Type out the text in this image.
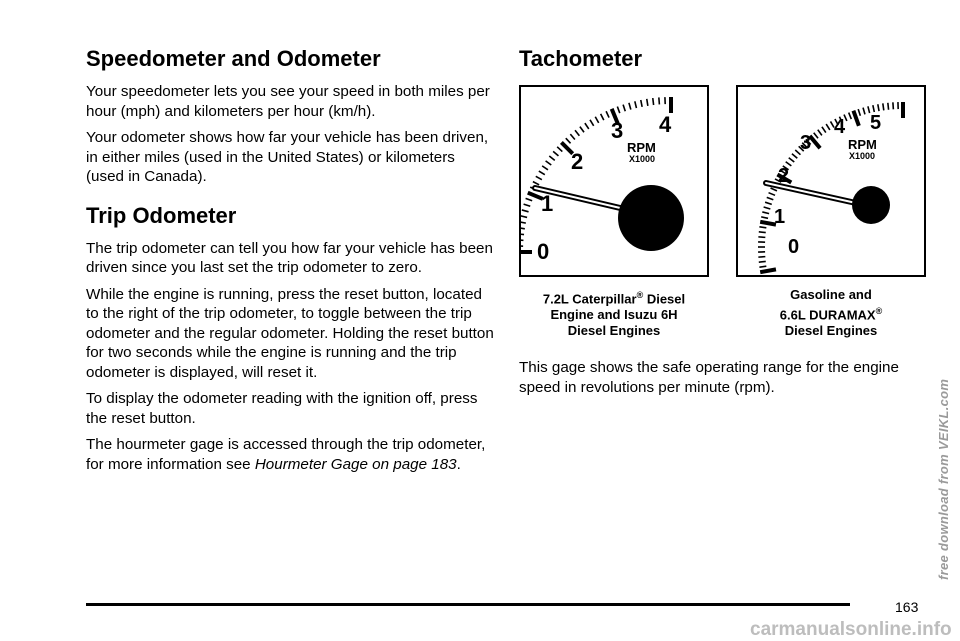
Speedometer and Odometer

Your speedometer lets you see your speed in both miles per hour (mph) and kilometers per hour (km/h).

Your odometer shows how far your vehicle has been driven, in either miles (used in the United States) or kilometers (used in Canada).

Trip Odometer

The trip odometer can tell you how far your vehicle has been driven since you last set the trip odometer to zero.

While the engine is running, press the reset button, located to the right of the trip odometer, to toggle between the trip odometer and the regular odometer. Holding the reset button for two seconds while the engine is running and the trip odometer is displayed, will reset it.

To display the odometer reading with the ignition off, press the reset button.

The hourmeter gage is accessed through the trip odometer, for more information see Hourmeter Gage on page 183.

Tachometer

This gage shows the safe operating range for the engine speed in revolutions per minute (rpm).

0
1
2
3 4
RPM
X1000
0
1
2
3
4 5
RPM
X1000
7.2L Caterpillar® Diesel
Engine and Isuzu 6H
Diesel Engines
Gasoline and
6.6L DURAMAX®
Diesel Engines
163
free download from VEIKL.com
carmanualsonline.info
